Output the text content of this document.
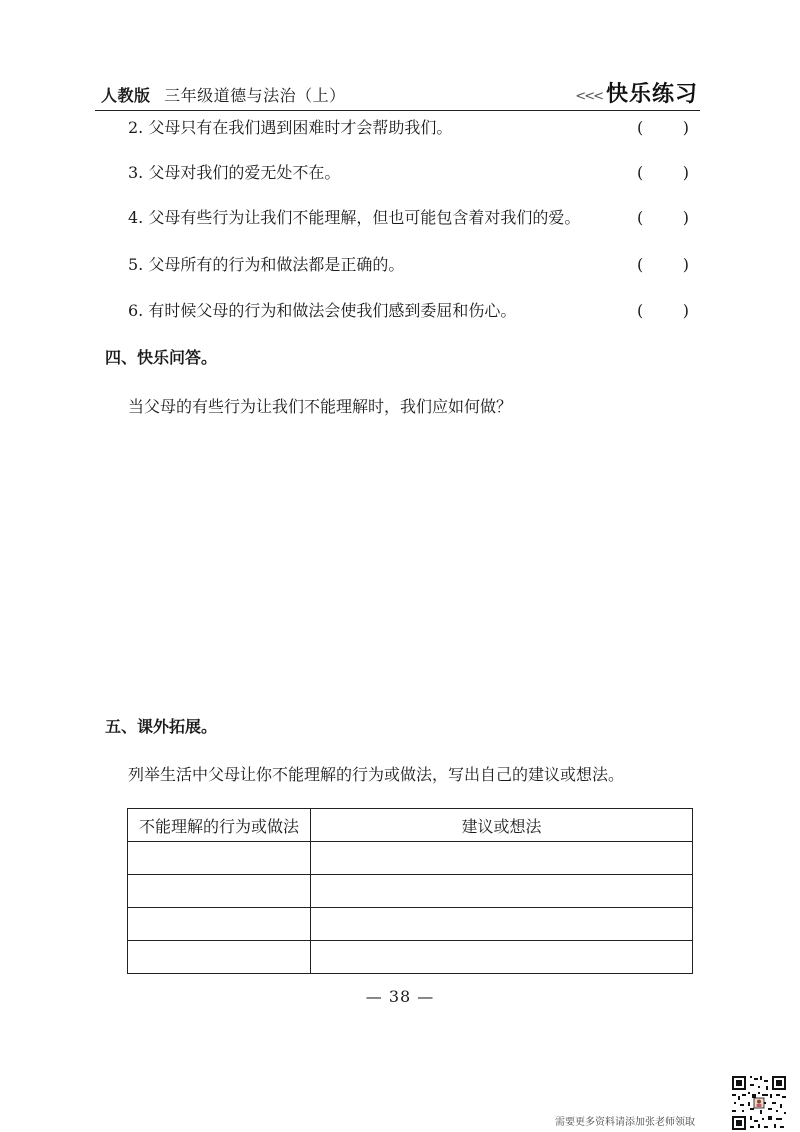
人教版 三年级道德与法治（上）	<<< 快乐练习
2. 父母只有在我们遇到困难时才会帮助我们。	( )
3. 父母对我们的爱无处不在。	( )
4. 父母有些行为让我们不能理解，但也可能包含着对我们的爱。	( )
5. 父母所有的行为和做法都是正确的。	( )
6. 有时候父母的行为和做法会使我们感到委屈和伤心。	( )
四、快乐问答。
当父母的有些行为让我们不能理解时，我们应如何做？
五、课外拓展。
列举生活中父母让你不能理解的行为或做法，写出自己的建议或想法。
不能理解的行为或做法	建议或想法

— 38 —
需要更多资料请添加张老师领取
